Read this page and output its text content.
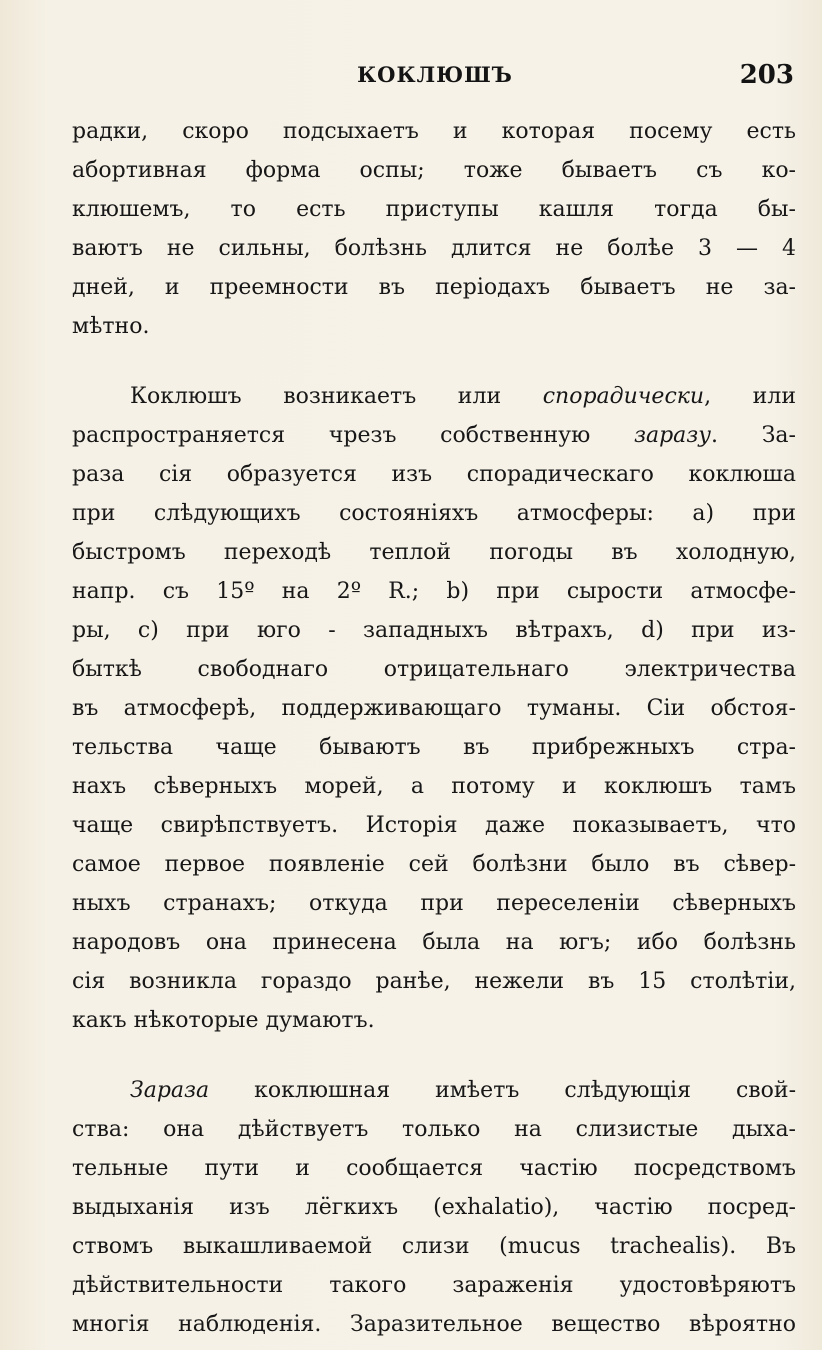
КОКЛЮШЪ	203
радки, скоро подсыхаетъ и которая посему есть
абортивная форма оспы; тоже бываетъ съ ко-
клюшемъ, то есть приступы кашля тогда бы-
ваютъ не сильны, болѣзнь длится не болѣе 3 — 4
дней, и преемности въ періодахъ бываетъ не за-
мѣтно.
Коклюшъ возникаетъ или спорадически, или
распространяется чрезъ собственную заразу. За-
раза сія образуется изъ спорадическаго коклюша
при слѣдующихъ состояніяхъ атмосферы: а) при
быстромъ переходѣ теплой погоды въ холодную,
напр. съ 15º на 2º R.; b) при сырости атмосфе-
ры, с) при юго - западныхъ вѣтрахъ, d) при из-
быткѣ свободнаго отрицательнаго электричества
въ атмосферѣ, поддерживающаго туманы. Сіи обстоя-
тельства чаще бываютъ въ прибрежныхъ стра-
нахъ сѣверныхъ морей, а потому и коклюшъ тамъ
чаще свирѣпствуетъ. Исторія даже показываетъ, что
самое первое появленіе сей болѣзни было въ сѣвер-
ныхъ странахъ; откуда при переселеніи сѣверныхъ
народовъ она принесена была на югъ; ибо болѣзнь
сія возникла гораздо ранѣе, нежели въ 15 столѣтіи,
какъ нѣкоторые думаютъ.
Зараза коклюшная имѣетъ слѣдующія свой-
ства: она дѣйствуетъ только на слизистые дыха-
тельные пути и сообщается частію посредствомъ
выдыханія изъ лёгкихъ (exhalatio), частію посред-
ствомъ выкашливаемой слизи (mucus trachealis). Въ
дѣйствительности такого зараженія удостовѣряютъ
многія наблюденія. Заразительное вещество вѣроятно
